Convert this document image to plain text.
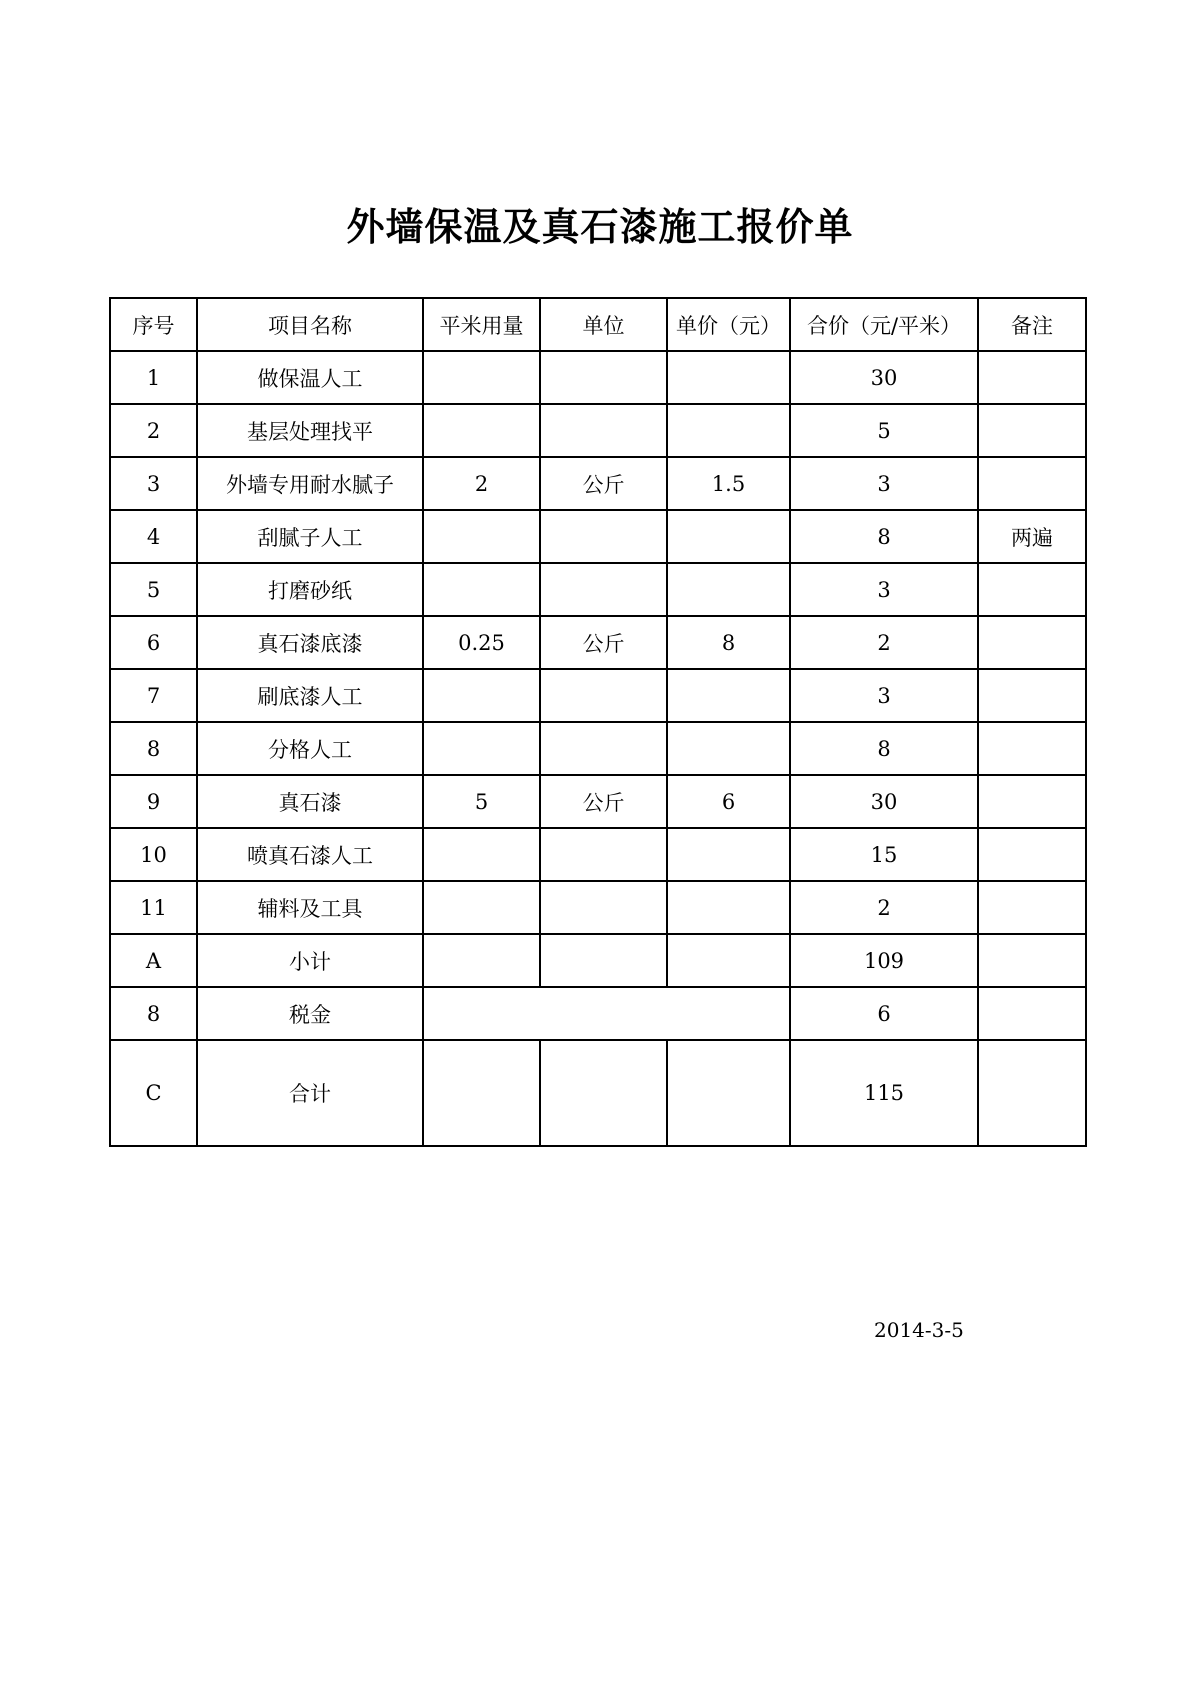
外墙保温及真石漆施工报价单
序号	项目名称	平米用量	单位	单价（元）	合价（元/平米）	备注
1	做保温人工				30	
2	基层处理找平				5	
3	外墙专用耐水腻子	2	公斤	1.5	3	
4	刮腻子人工				8	两遍
5	打磨砂纸				3	
6	真石漆底漆	0.25	公斤	8	2	
7	刷底漆人工				3	
8	分格人工				8	
9	真石漆	5	公斤	6	30	
10	喷真石漆人工				15	
11	辅料及工具				2	
A	小计				109	
8	税金				6	
C	合计				115	
2014-3-5
